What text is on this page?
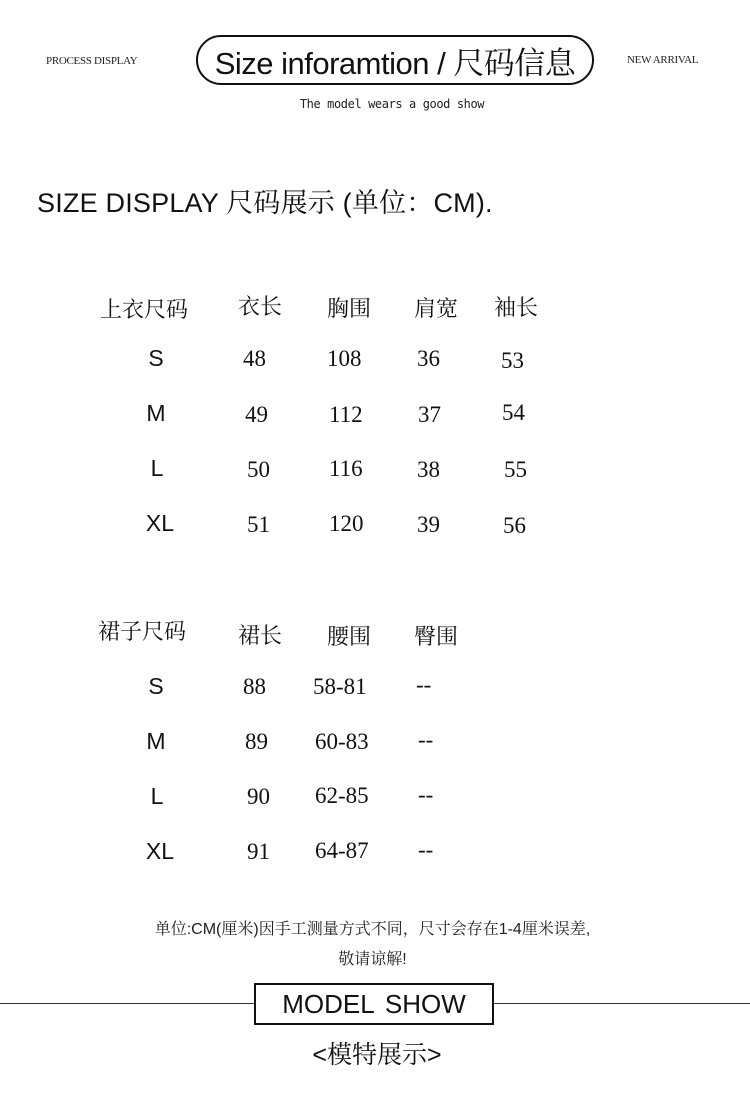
PROCESS DISPLAY	Size inforamtion / 尺码信息	NEW ARRIVAL
The model wears a good show
SIZE DISPLAY 尺码展示 (单位：CM).
上衣尺码 衣长 胸围 肩宽 袖长
S	48	108 36	53
M	49	112 37	54
L	50	116 38	55
XL	51	120 39	56
裙子尺码 裙长 腰围 臀围
S	88 58-81 --
M	89 60-83 --
L	90 62-85 --
XL	91 64-87 --
单位:CM(厘米)因手工测量方式不同，尺寸会存在1-4厘米误差,
敬请谅解!
MODEL SHOW
<模特展示>
